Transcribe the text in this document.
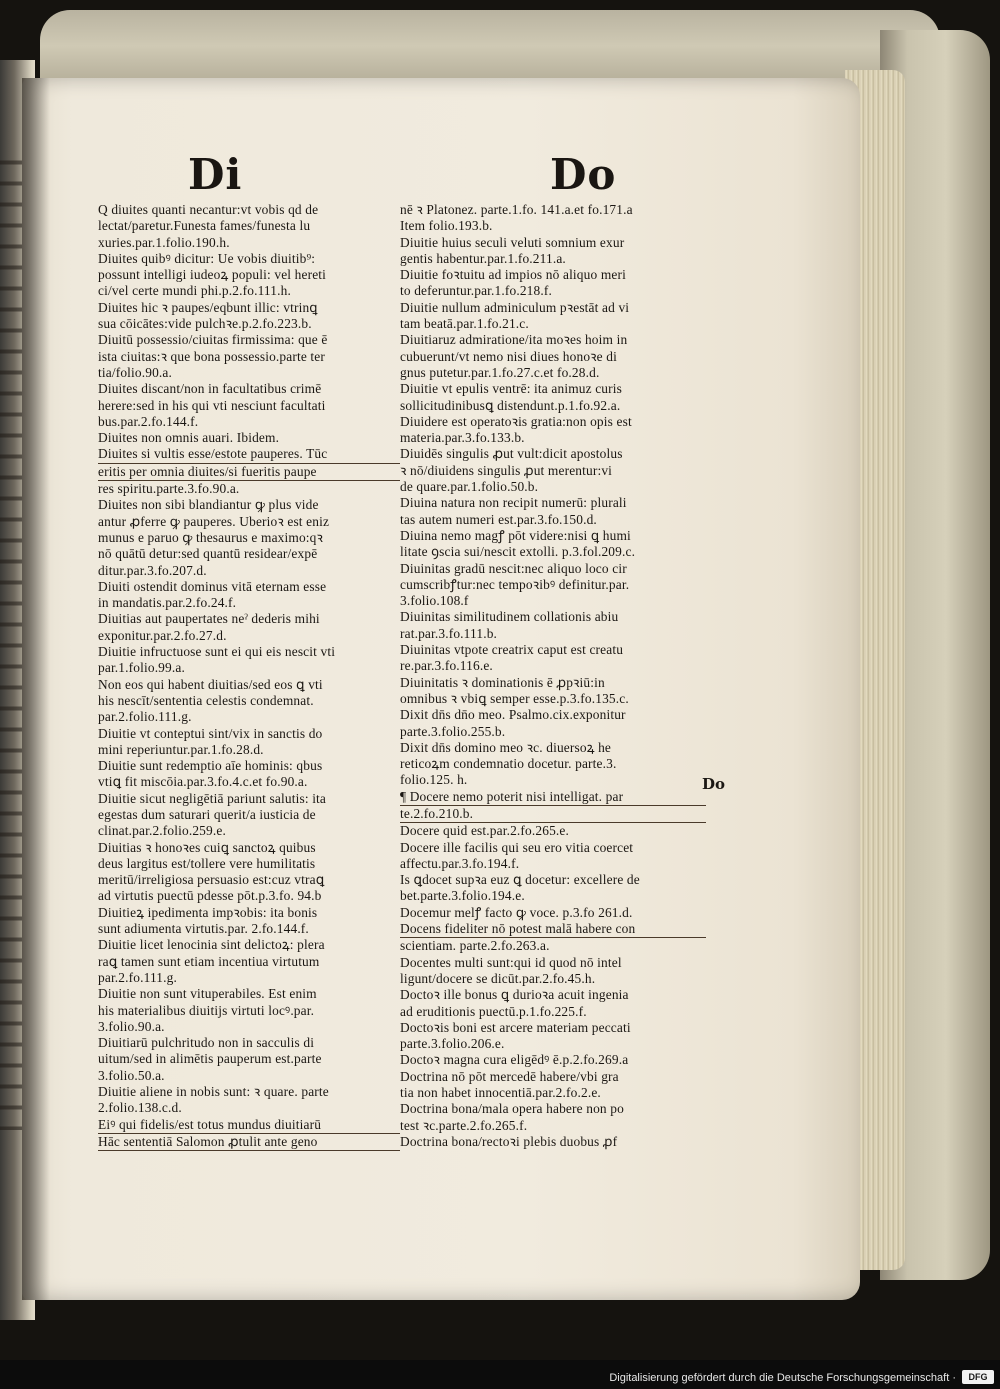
Di	Do
Q diuites quanti necantur:vt vobis qd de
lectat/paretur.Funesta fames/funesta lu
xuries.par.1.folio.190.h.
Diuites quibꝰ dicitur: Ue vobis diuitib⁹:
possunt intelligi iudeoꝝ populi: vel hereti
ci/vel certe mundi phi.p.2.fo.111.h.
Diuites hic ꝛ paupes/eqbunt illic: vtrinꝗ
sua cōicātes:vide pulchꝛe.p.2.fo.223.b.
Diuitū possessio/ciuitas firmissima: que ē
ista ciuitas:ꝛ que bona possessio.parte ter
tia/folio.90.a.
Diuites discant/non in facultatibus crimē
herere:sed in his qui vti nesciunt facultati
bus.par.2.fo.144.f.
Diuites non omnis auari. Ibidem.
Diuites si vultis esse/estote pauperes. Tūc
eritis per omnia diuites/si fueritis paupe
res spiritu.parte.3.fo.90.a.
Diuites non sibi blandiantur ꝙ plus vide
antur ꝓferre ꝙ pauperes. Uberioꝛ est eniz
munus e paruo ꝙ thesaurus e maximo:qꝛ
nō quātū detur:sed quantū residear/expē
ditur.par.3.fo.207.d.
Diuiti ostendit dominus vitā eternam esse
in mandatis.par.2.fo.24.f.
Diuitias aut paupertates neˀ dederis mihi
exponitur.par.2.fo.27.d.
Diuitie infructuose sunt ei qui eis nescit vti
par.1.folio.99.a.
Non eos qui habent diuitias/sed eos ꝗ vti
his nescīt/sententia celestis condemnat.
par.2.folio.111.g.
Diuitie vt conteptui sint/vix in sanctis do
mini reperiuntur.par.1.fo.28.d.
Diuitie sunt redemptio aīe hominis: qbus
vtiꝗ fit miscōia.par.3.fo.4.c.et fo.90.a.
Diuitie sicut negligētiā pariunt salutis: ita
egestas dum saturari querit/a iusticia de
clinat.par.2.folio.259.e.
Diuitias ꝛ honoꝛes cuiꝗ sanctoꝝ quibus
deus largitus est/tollere vere humilitatis
meritū/irreligiosa persuasio est:cuz vtraꝗ
ad virtutis puectū pdesse pōt.p.3.fo. 94.b
Diuitieꝝ ipedimenta impꝛobis: ita bonis
sunt adiumenta virtutis.par. 2.fo.144.f.
Diuitie licet lenocinia sint delictoꝝ: plera
raꝗ tamen sunt etiam incentiua virtutum
par.2.fo.111.g.
Diuitie non sunt vituperabiles. Est enim
his materialibus diuitijs virtuti locꝰ.par.
3.folio.90.a.
Diuitiarū pulchritudo non in sacculis di
uitum/sed in alimētis pauperum est.parte
3.folio.50.a.
Diuitie aliene in nobis sunt: ꝛ quare. parte
2.folio.138.c.d.
Eiꝰ qui fidelis/est totus mundus diuitiarū
Hāc sententiā Salomon ꝓtulit ante geno
nē ꝛ Platonez. parte.1.fo. 141.a.et fo.171.a
Item folio.193.b.
Diuitie huius seculi veluti somnium exur
gentis habentur.par.1.fo.211.a.
Diuitie foꝛtuitu ad impios nō aliquo meri
to deferuntur.par.1.fo.218.f.
Diuitie nullum adminiculum pꝛestāt ad vi
tam beatā.par.1.fo.21.c.
Diuitiaruz admiratione/ita moꝛes hoim in
cubuerunt/vt nemo nisi diues honoꝛe di
gnus putetur.par.1.fo.27.c.et fo.28.d.
Diuitie vt epulis ventrē: ita animuz curis
sollicitudinibusꝗ distendunt.p.1.fo.92.a.
Diuidere est operatoꝛis gratia:non opis est
materia.par.3.fo.133.b.
Diuidēs singulis ꝓut vult:dicit apostolus
ꝛ nō/diuidens singulis ꝓut merentur:vi
de quare.par.1.folio.50.b.
Diuina natura non recipit numerū: plurali
tas autem numeri est.par.3.fo.150.d.
Diuina nemo magꝭ pōt videre:nisi ꝗ humi
litate ꝯscia sui/nescit extolli. p.3.fol.209.c.
Diuinitas gradū nescit:nec aliquo loco cir
cumscribꝭtur:nec tempoꝛibꝰ definitur.par.
3.folio.108.f
Diuinitas similitudinem collationis abiu
rat.par.3.fo.111.b.
Diuinitas vtpote creatrix caput est creatu
re.par.3.fo.116.e.
Diuinitatis ꝛ dominationis ē ꝓpꝛiū:in
omnibus ꝛ vbiꝗ semper esse.p.3.fo.135.c.
Dixit dn̄s dn̄o meo. Psalmo.cix.exponitur
parte.3.folio.255.b.
Dixit dn̄s domino meo ꝛc. diuersoꝝ he
reticoꝝm condemnatio docetur. parte.3.
folio.125. h.
¶ Docere nemo poterit nisi intelligat. par
te.2.fo.210.b.
Docere quid est.par.2.fo.265.e.
Docere ille facilis qui seu ero vitia coercet
affectu.par.3.fo.194.f.
Is ꝗdocet supꝛa euz ꝗ docetur: excellere de
bet.parte.3.folio.194.e.
Docemur melꝭ facto ꝙ voce. p.3.fo 261.d.
Docens fideliter nō potest malā habere con
scientiam. parte.2.fo.263.a.
Docentes multi sunt:qui id quod nō intel
ligunt/docere se dicūt.par.2.fo.45.h.
Doctoꝛ ille bonus ꝗ durioꝛa acuit ingenia
ad eruditionis puectū.p.1.fo.225.f.
Doctoꝛis boni est arcere materiam peccati
parte.3.folio.206.e.
Doctoꝛ magna cura eligēdꝰ ē.p.2.fo.269.a
Doctrina nō pōt mercedē habere/vbi gra
tia non habet innocentiā.par.2.fo.2.e.
Doctrina bona/mala opera habere non po
test ꝛc.parte.2.fo.265.f.
Doctrina bona/rectoꝛi plebis duobus ꝓf
Do
Digitalisierung gefördert durch die Deutsche Forschungsgemeinschaft ·	DFG
